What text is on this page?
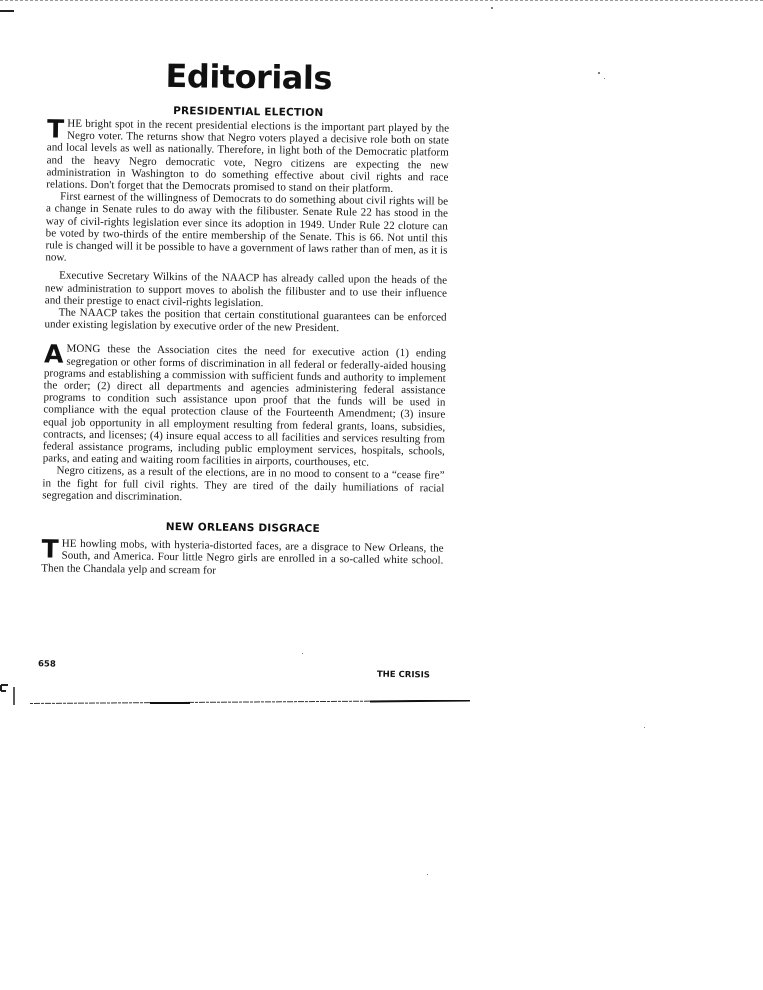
Editorials
PRESIDENTIAL ELECTION

THE bright spot in the recent presidential elections is the important part played by the Negro voter. The returns show that Negro voters played a decisive role both on state and local levels as well as nationally. Therefore, in light both of the Democratic platform and the heavy Negro democratic vote, Negro citizens are expecting the new administration in Washington to do something effective about civil rights and race relations. Don't forget that the Democrats promised to stand on their platform.

First earnest of the willingness of Democrats to do something about civil rights will be a change in Senate rules to do away with the filibuster. Senate Rule 22 has stood in the way of civil-rights legislation ever since its adoption in 1949. Under Rule 22 cloture can be voted by two-thirds of the entire membership of the Senate. This is 66. Not until this rule is changed will it be possible to have a government of laws rather than of men, as it is now.

Executive Secretary Wilkins of the NAACP has already called upon the heads of the new administration to support moves to abolish the filibuster and to use their influence and their prestige to enact civil-rights legislation.

The NAACP takes the position that certain constitutional guarantees can be enforced under existing legislation by executive order of the new President.

AMONG these the Association cites the need for executive action (1) ending segregation or other forms of discrimination in all federal or federally-aided housing programs and establishing a commission with sufficient funds and authority to implement the order; (2) direct all departments and agencies administering federal assistance programs to condition such assistance upon proof that the funds will be used in compliance with the equal protection clause of the Fourteenth Amendment; (3) insure equal job opportunity in all employment resulting from federal grants, loans, subsidies, contracts, and licenses; (4) insure equal access to all facilities and services resulting from federal assistance programs, including public employment services, hospitals, schools, parks, and eating and waiting room facilities in airports, courthouses, etc.

Negro citizens, as a result of the elections, are in no mood to consent to a “cease fire” in the fight for full civil rights. They are tired of the daily humiliations of racial segregation and discrimination.

NEW ORLEANS DISGRACE

THE howling mobs, with hysteria-distorted faces, are a disgrace to New Orleans, the South, and America. Four little Negro girls are enrolled in a so-called white school. Then the Chandala yelp and scream for

658
THE CRISIS
